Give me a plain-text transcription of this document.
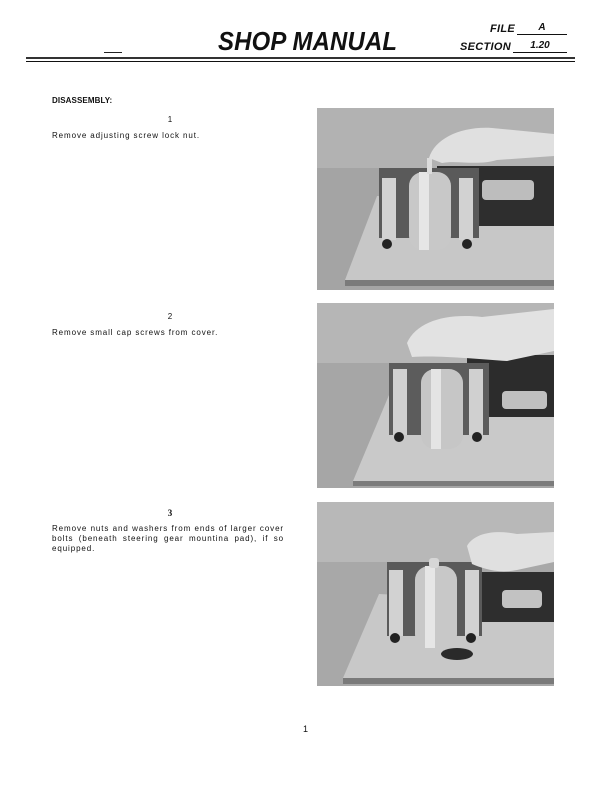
SHOP MANUAL	FILE	A
SECTION	1.20
DISASSEMBLY:
1
Remove adjusting screw lock nut.
2
Remove small cap screws from cover.
3
Remove nuts and washers from ends of larger cover bolts (beneath steering gear mountina pad), if so equipped.
1
